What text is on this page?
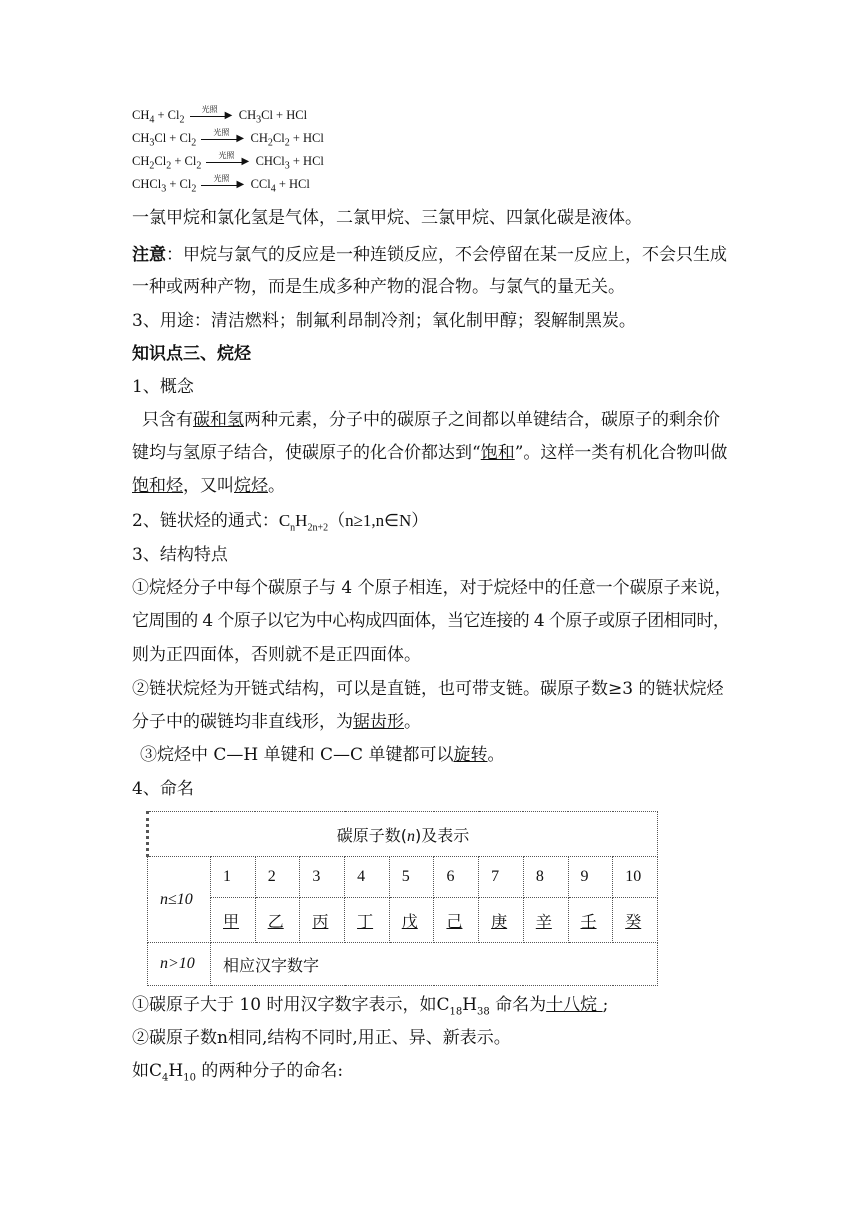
$CH_4 + Cl_2$
光照
▶ $CH_3Cl$ + HCl
$CH_3Cl + Cl_2$
光照
▶ $CH_2Cl_2$ + HCl
$CH_2Cl_2 + Cl_2$
光照
▶ CHCl$_3$ + HCl
CHCl$_3$ + $Cl_2$
光照
▶ CCl$_4$ + HCl
一氯甲烷和氯化氢是气体，二氯甲烷、三氯甲烷、四氯化碳是液体。
注意：甲烷与氯气的反应是一种连锁反应，不会停留在某一反应上，不会只生成
一种或两种产物，而是生成多种产物的混合物。与氯气的量无关。
3、用途：清洁燃料；制氟利昂制冷剂；氧化制甲醇；裂解制黑炭。
知识点三、烷烃
1、概念
只含有碳和氢两种元素，分子中的碳原子之间都以单键结合，碳原子的剩余价
键均与氢原子结合，使碳原子的化合价都达到“饱和”。这样一类有机化合物叫做
饱和烃，又叫烷烃。
2、链状烃的通式：$C_nH_{2n+2}(n\ge 1,n\in N)$
3、结构特点
①烷烃分子中每个碳原子与 4 个原子相连，对于烷烃中的任意一个碳原子来说，
它周围的 4 个原子以它为中心构成四面体，当它连接的 4 个原子或原子团相同时，
则为正四面体，否则就不是正四面体。
②链状烷烃为开链式结构，可以是直链，也可带支链。碳原子数≥3 的链状烷烃
分子中的碳链均非直线形，为锯齿形。
③烷烃中 C—H 单键和 C—C 单键都可以旋转。
4、命名
碳原子数(n)及表示										
n≤10	1	2	3	4	5	6	7	8	9	10
	甲	乙	丙	丁	戊	己	庚	辛	壬	癸
n>10	相应汉字数字									
①碳原子大于 10 时用汉字数字表示，如$C_{18}H_{38}$ 命名为十八烷 ;
②碳原子数n相同,结构不同时,用正、异、新表示。
如$C_4H_{10}$ 的两种分子的命名:
